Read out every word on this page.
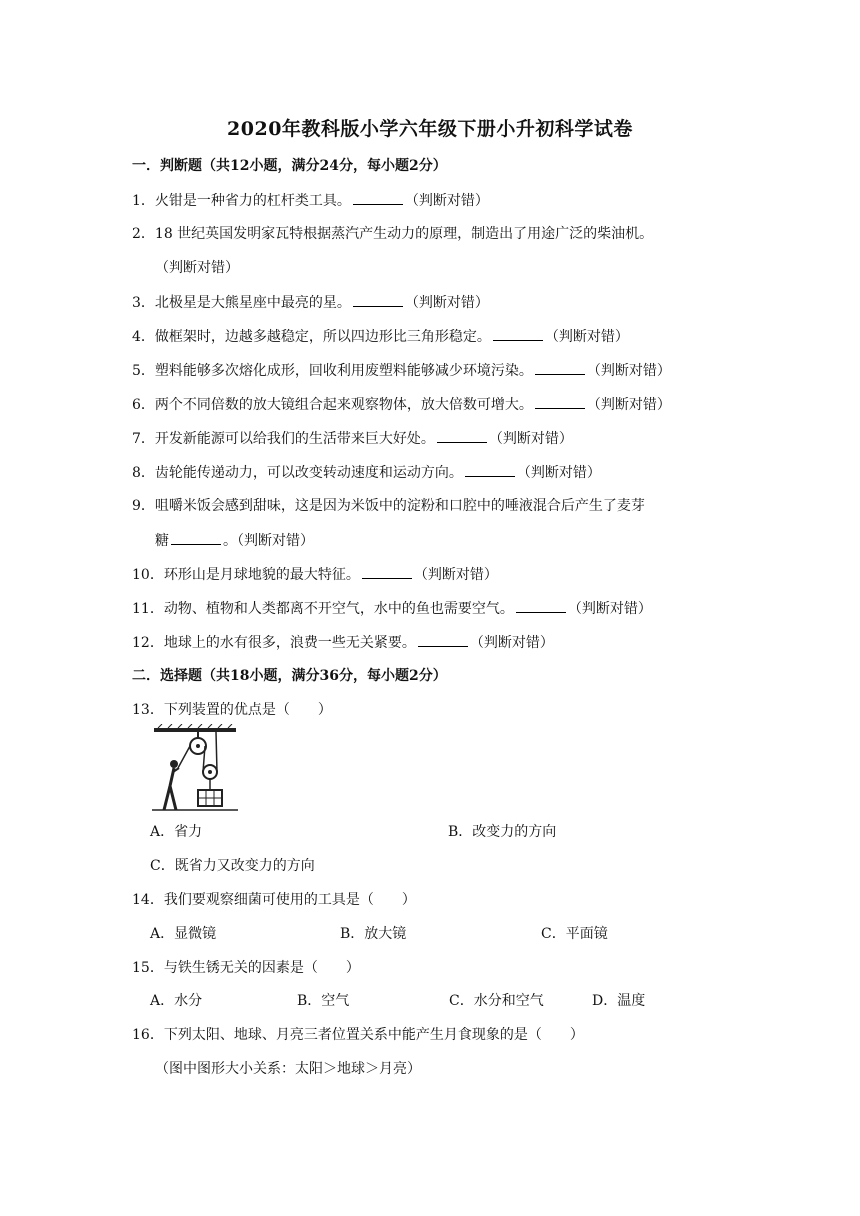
2020年教科版小学六年级下册小升初科学试卷
一．判断题（共12小题，满分24分，每小题2分）
1．火钳是一种省力的杠杆类工具。	（判断对错）
2．18 世纪英国发明家瓦特根据蒸汽产生动力的原理，制造出了用途广泛的柴油机。
（判断对错）
3．北极星是大熊星座中最亮的星。	（判断对错）
4．做框架时，边越多越稳定，所以四边形比三角形稳定。	（判断对错）
5．塑料能够多次熔化成形，回收利用废塑料能够减少环境污染。	（判断对错）
6．两个不同倍数的放大镜组合起来观察物体，放大倍数可增大。	（判断对错）
7．开发新能源可以给我们的生活带来巨大好处。	（判断对错）
8．齿轮能传递动力，可以改变转动速度和运动方向。	（判断对错）
9．咀嚼米饭会感到甜味，这是因为米饭中的淀粉和口腔中的唾液混合后产生了麦芽
糖	。（判断对错）
10．环形山是月球地貌的最大特征。	（判断对错）
11．动物、植物和人类都离不开空气，水中的鱼也需要空气。	（判断对错）
12．地球上的水有很多，浪费一些无关紧要。	（判断对错）
二．选择题（共18小题，满分36分，每小题2分）
13．下列装置的优点是（　　）
A．省力	B．改变力的方向
C．既省力又改变力的方向
14．我们要观察细菌可使用的工具是（　　）
A．显微镜	B．放大镜	C．平面镜
15．与铁生锈无关的因素是（　　）
A．水分	B．空气	C．水分和空气	D．温度
16．下列太阳、地球、月亮三者位置关系中能产生月食现象的是（　　）
（图中图形大小关系：太阳＞地球＞月亮）
